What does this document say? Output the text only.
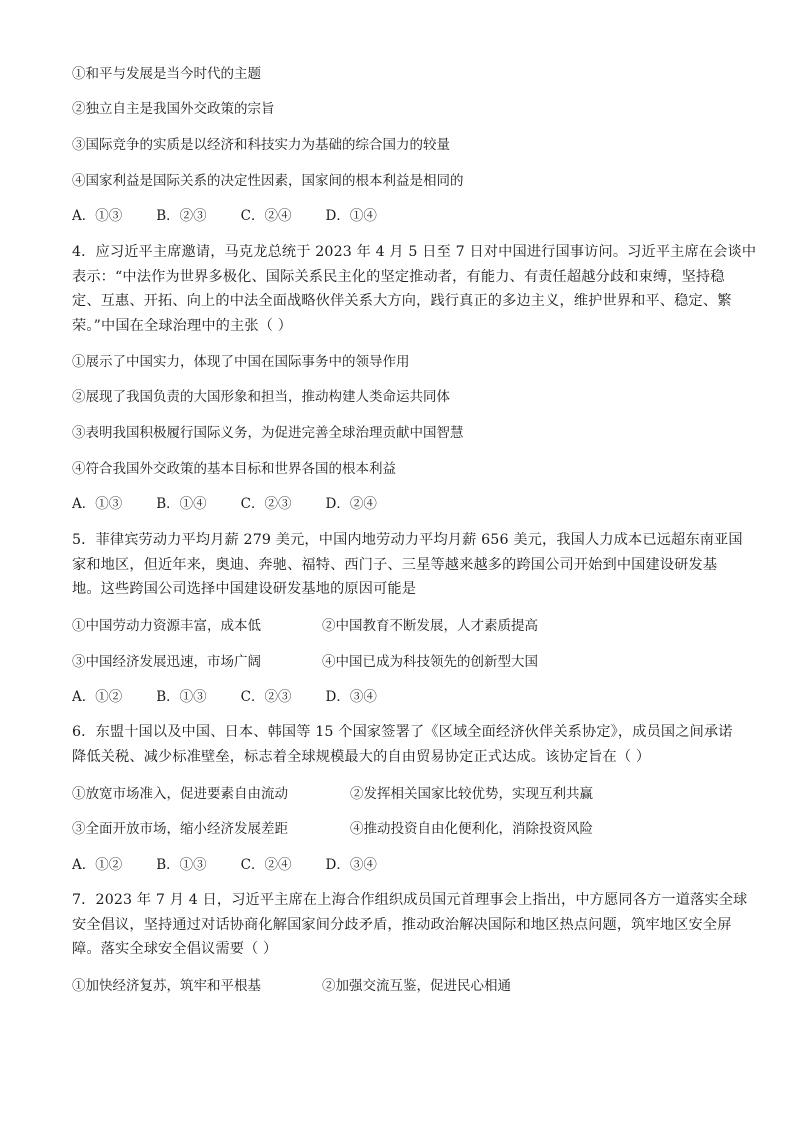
①和平与发展是当今时代的主题
②独立自主是我国外交政策的宗旨
③国际竞争的实质是以经济和科技实力为基础的综合国力的较量
④国家利益是国际关系的决定性因素，国家间的根本利益是相同的
A．①③	B．②③	C．②④	D．①④

4．应习近平主席邀请，马克龙总统于 2023 年 4 月 5 日至 7 日对中国进行国事访问。习近平主席在会谈中

表示：“中法作为世界多极化、国际关系民主化的坚定推动者，有能力、有责任超越分歧和束缚，坚持稳

定、互惠、开拓、向上的中法全面战略伙伴关系大方向，践行真正的多边主义，维护世界和平、稳定、繁

荣。”中国在全球治理中的主张（ ）

①展示了中国实力，体现了中国在国际事务中的领导作用
②展现了我国负责的大国形象和担当，推动构建人类命运共同体
③表明我国积极履行国际义务，为促进完善全球治理贡献中国智慧
④符合我国外交政策的基本目标和世界各国的根本利益
A．①③	B．①④	C．②③	D．②④

5．菲律宾劳动力平均月薪 279 美元，中国内地劳动力平均月薪 656 美元，我国人力成本已远超东南亚国

家和地区，但近年来，奥迪、奔驰、福特、西门子、三星等越来越多的跨国公司开始到中国建设研发基

地。这些跨国公司选择中国建设研发基地的原因可能是

①中国劳动力资源丰富，成本低	②中国教育不断发展，人才素质提高
③中国经济发展迅速，市场广阔	④中国已成为科技领先的创新型大国
A．①②	B．①③	C．②③	D．③④

6．东盟十国以及中国、日本、韩国等 15 个国家签署了《区域全面经济伙伴关系协定》，成员国之间承诺

降低关税、减少标准壁垒，标志着全球规模最大的自由贸易协定正式达成。该协定旨在（ ）

①放宽市场准入，促进要素自由流动	②发挥相关国家比较优势，实现互利共赢
③全面开放市场，缩小经济发展差距	④推动投资自由化便利化，消除投资风险
A．①②	B．①③	C．②④	D．③④

7．2023 年 7 月 4 日，习近平主席在上海合作组织成员国元首理事会上指出，中方愿同各方一道落实全球

安全倡议，坚持通过对话协商化解国家间分歧矛盾，推动政治解决国际和地区热点问题，筑牢地区安全屏

障。落实全球安全倡议需要（ ）

①加快经济复苏，筑牢和平根基	②加强交流互鉴，促进民心相通
